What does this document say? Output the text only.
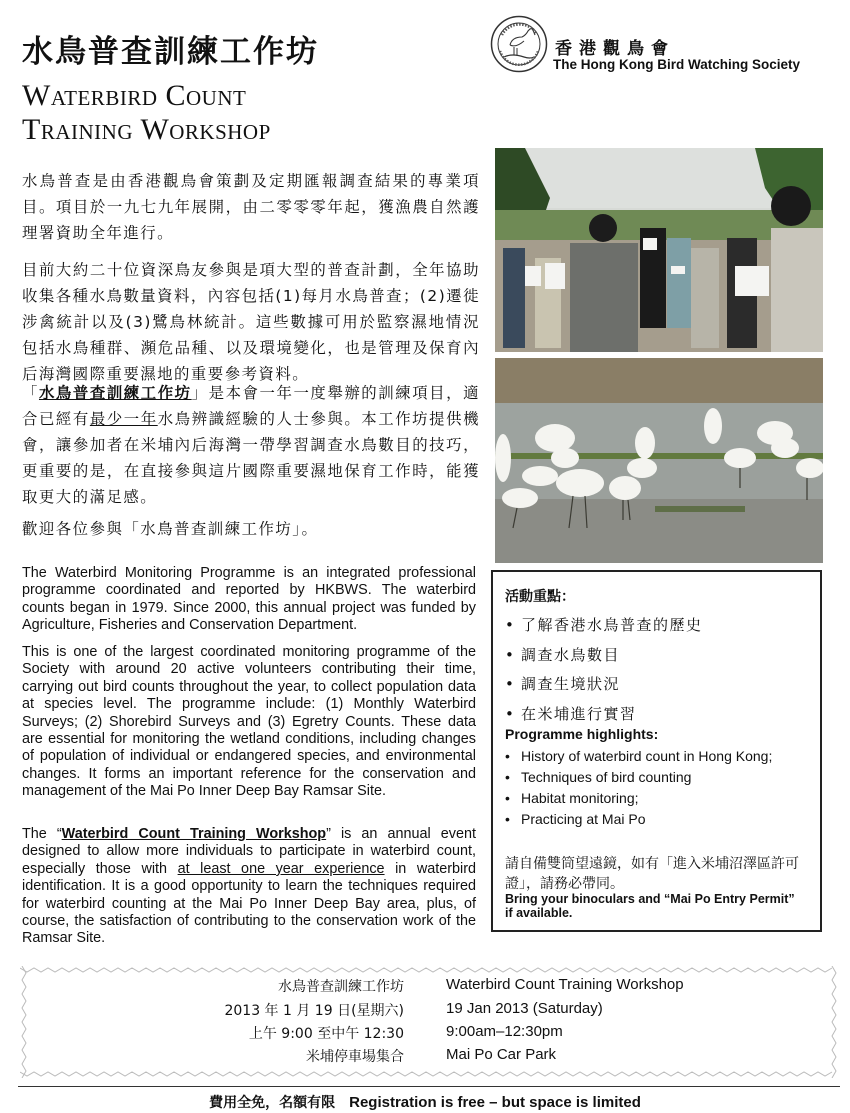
水鳥普查訓練工作坊
Waterbird Count
Training Workshop
香港觀鳥會
The Hong Kong Bird Watching Society
水鳥普查是由香港觀鳥會策劃及定期匯報調查結果的專業項目。項目於一九七九年展開，由二零零零年起，獲漁農自然護理署資助全年進行。
目前大約二十位資深鳥友參與是項大型的普查計劃，全年協助收集各種水鳥數量資料，內容包括(1)每月水鳥普查；(2)遷徙涉禽統計以及(3)鷺鳥林統計。這些數據可用於監察濕地情況包括水鳥種群、瀕危品種、以及環境變化，也是管理及保育內后海灣國際重要濕地的重要參考資料。
「水鳥普查訓練工作坊」是本會一年一度舉辦的訓練項目，適合已經有最少一年水鳥辨識經驗的人士參與。本工作坊提供機會，讓參加者在米埔內后海灣一帶學習調查水鳥數目的技巧，更重要的是，在直接參與這片國際重要濕地保育工作時，能獲取更大的滿足感。
歡迎各位參與「水鳥普查訓練工作坊」。
The Waterbird Monitoring Programme is an integrated professional programme coordinated and reported by HKBWS. The waterbird counts began in 1979. Since 2000, this annual project was funded by Agriculture, Fisheries and Conservation Department.
This is one of the largest coordinated monitoring programme of the Society with around 20 active volunteers contributing their time, carrying out bird counts throughout the year, to collect population data at species level. The programme include: (1) Monthly Waterbird Surveys; (2) Shorebird Surveys and (3) Egretry Counts. These data are essential for monitoring the wetland conditions, including changes of population of individual or endangered species, and environmental changes. It forms an important reference for the conservation and management of the Mai Po Inner Deep Bay Ramsar Site.
The “Waterbird Count Training Workshop” is an annual event designed to allow more individuals to participate in waterbird count, especially those with at least one year experience in waterbird identification. It is a good opportunity to learn the techniques required for waterbird counting at the Mai Po Inner Deep Bay area, plus, of course, the satisfaction of contributing to the conservation work of the Ramsar Site.
活動重點：
• 了解香港水鳥普查的歷史
• 調查水鳥數目
• 調查生境狀況
• 在米埔進行實習
Programme highlights:
• History of waterbird count in Hong Kong;
• Techniques of bird counting
• Habitat monitoring;
• Practicing at Mai Po
請自備雙筒望遠鏡，如有「進入米埔沼澤區許可證」，請務必帶同。
Bring your binoculars and “Mai Po Entry Permit” if available.
水鳥普查訓練工作坊	Waterbird Count Training Workshop
2013 年 1 月 19 日(星期六)	19 Jan 2013 (Saturday)
上午 9:00 至中午 12:30	9:00am–12:30pm
米埔停車場集合	Mai Po Car Park
費用全免，名額有限 Registration is free – but space is limited
